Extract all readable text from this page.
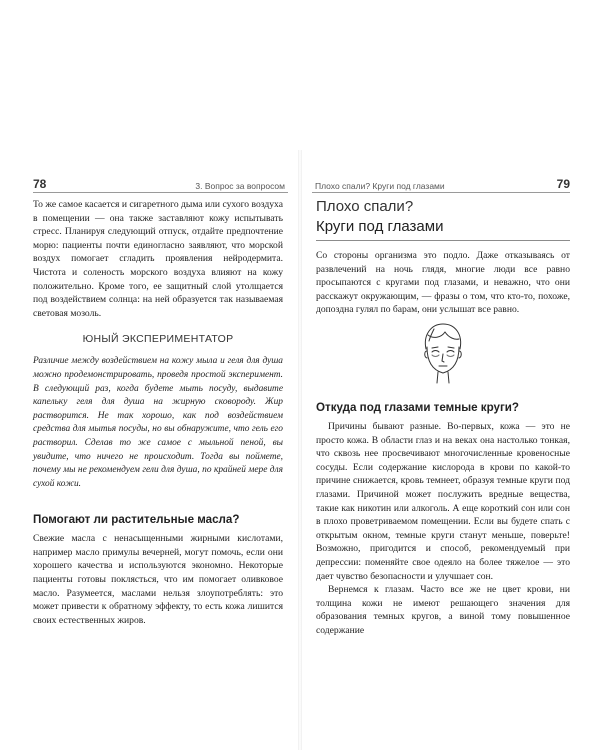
78	3. Вопрос за вопросом

То же самое касается и сигаретного дыма или сухого воздуха в помещении — она также заставляют кожу испытывать стресс. Планируя следующий отпуск, отдайте предпочтение морю: пациенты почти единогласно заявляют, что морской воздух помогает сгладить проявления нейродермита. Чистота и соленость морского воздуха влияют на кожу положительно. Кроме того, ее защитный слой утолщается под воздействием солнца: на ней образуется так называемая световая мозоль.

ЮНЫЙ ЭКСПЕРИМЕНТАТОР

Различие между воздействием на кожу мыла и геля для душа можно продемонстрировать, проведя простой эксперимент. В следующий раз, когда будете мыть посуду, выдавите капельку геля для душа на жирную сковороду. Жир растворится. Не так хорошо, как под воздействием средства для мытья посуды, но вы обнаружите, что гель его растворил. Сделав то же самое с мыльной пеной, вы увидите, что ничего не происходит. Тогда вы поймете, почему мы не рекомендуем гели для душа, по крайней мере для сухой кожи.

Помогают ли растительные масла?

Свежие масла с ненасыщенными жирными кислотами, например масло примулы вечерней, могут помочь, если они хорошего качества и используются экономно. Некоторые пациенты готовы поклясться, что им помогает оливковое масло. Разумеется, маслами нельзя злоупотреблять: это может привести к обратному эффекту, то есть кожа лишится своих естественных жиров.

Плохо спали? Круги под глазами	79
Плохо спали?
Круги под глазами

Со стороны организма это подло. Даже отказываясь от развлечений на ночь глядя, многие люди все равно просыпаются с кругами под глазами, и неважно, что они расскажут окружающим, — фразы о том, что кто-то, похоже, допоздна гулял по барам, они услышат все равно.

Откуда под глазами темные круги?

Причины бывают разные. Во-первых, кожа — это не просто кожа. В области глаз и на веках она настолько тонкая, что сквозь нее просвечивают многочисленные кровеносные сосуды. Если содержание кислорода в крови по какой-то причине снижается, кровь темнеет, образуя темные круги под глазами. Причиной может послужить вредные вещества, такие как никотин или алкоголь. А еще короткий сон или сон в плохо проветриваемом помещении. Если вы будете спать с открытым окном, темные круги станут меньше, поверьте! Возможно, пригодится и способ, рекомендуемый при депрессии: поменяйте свое одеяло на более тяжелое — это дает чувство безопасности и улучшает сон.

Вернемся к глазам. Часто все же не цвет крови, ни толщина кожи не имеют решающего значения для образования темных кругов, а виной тому повышенное содержание
